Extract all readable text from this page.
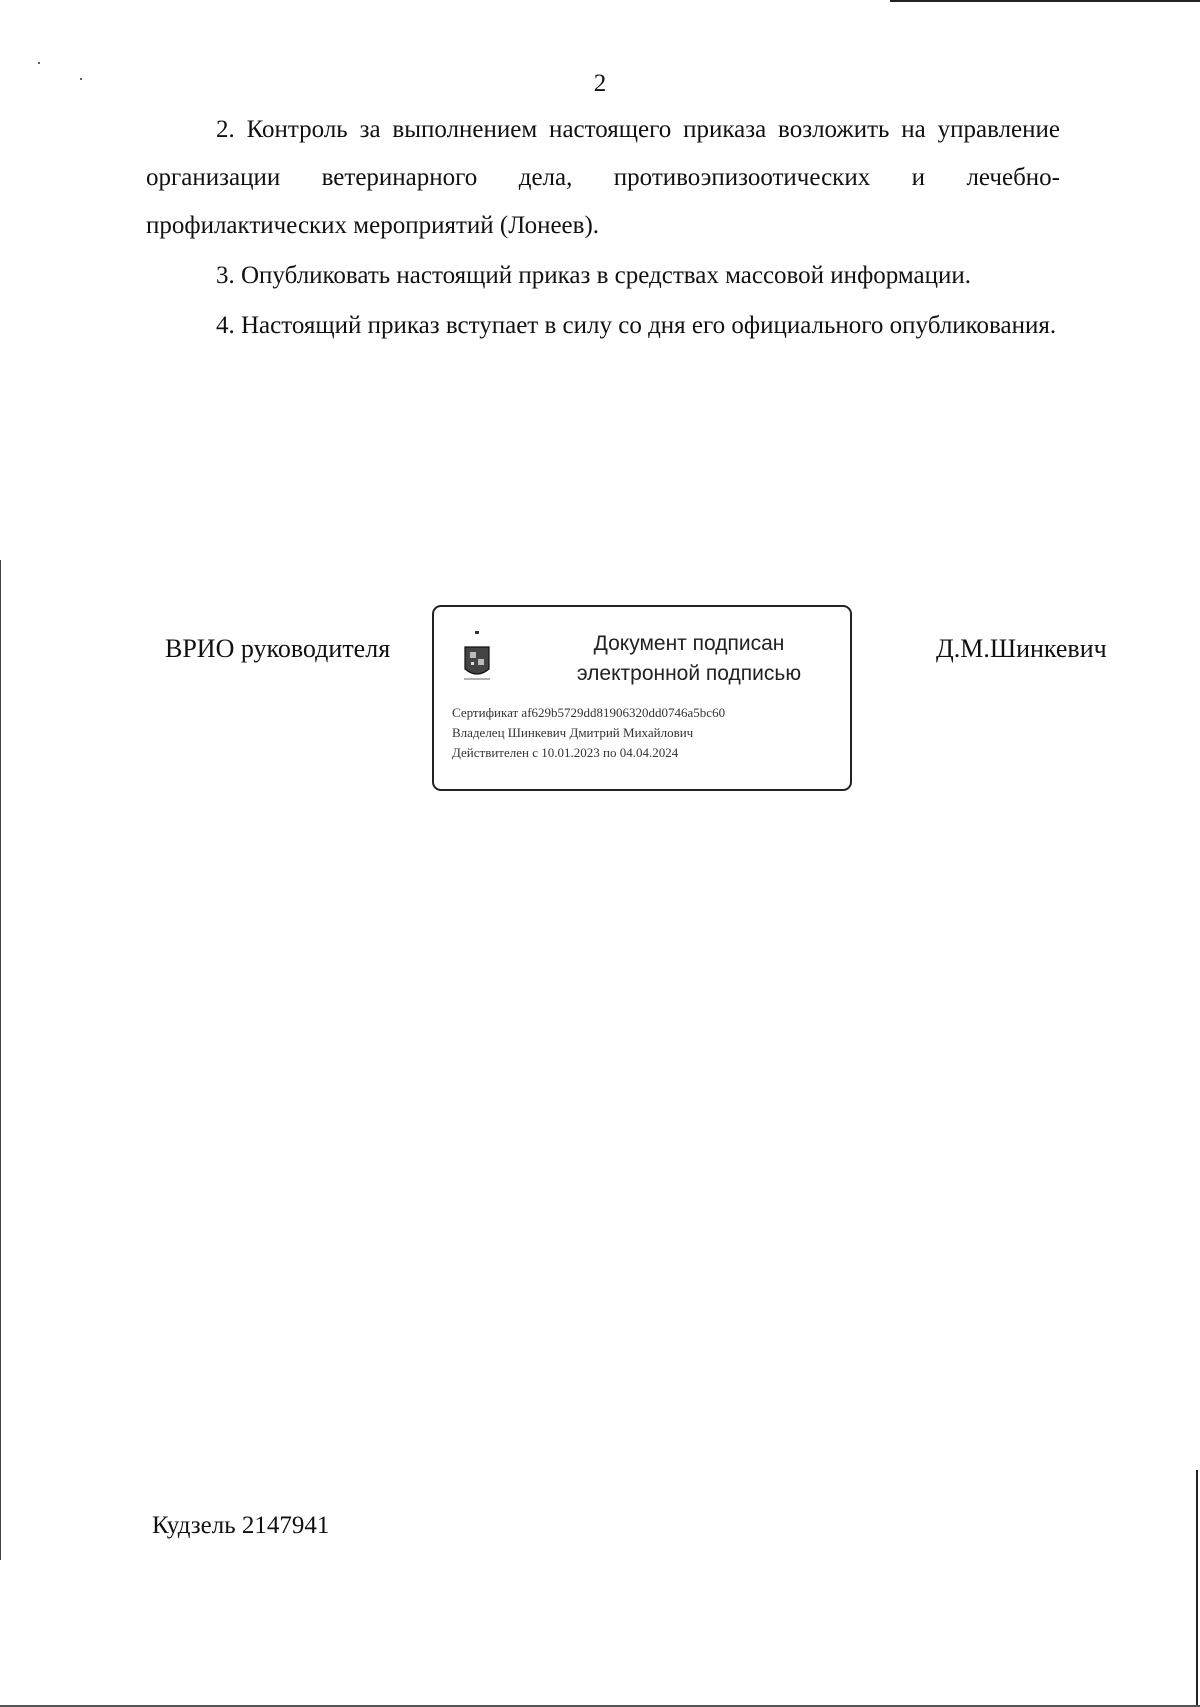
2

2. Контроль за выполнением настоящего приказа возложить на управление организации ветеринарного дела, противоэпизоотических и лечебно-профилактических мероприятий (Лонеев).

3. Опубликовать настоящий приказ в средствах массовой информации.

4. Настоящий приказ вступает в силу со дня его официального опубликования.

ВРИО руководителя	Документ подписан
электронной подписью
Сертификат af629b5729dd81906320dd0746a5bc60
Владелец Шинкевич Дмитрий Михайлович
Действителен с 10.01.2023 по 04.04.2024
Д.М.Шинкевич
Кудзель 2147941
